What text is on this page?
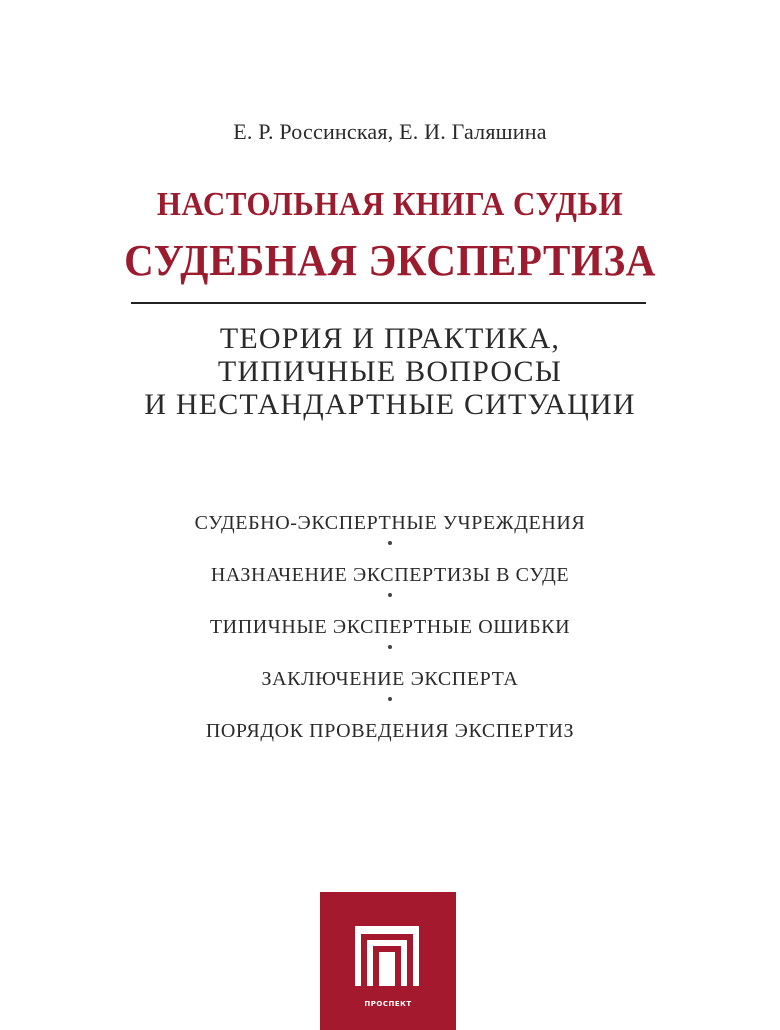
Е. Р. Россинская, Е. И. Галяшина
НАСТОЛЬНАЯ КНИГА СУДЬИ
СУДЕБНАЯ ЭКСПЕРТИЗА
ТЕОРИЯ И ПРАКТИКА,
ТИПИЧНЫЕ ВОПРОСЫ
И НЕСТАНДАРТНЫЕ СИТУАЦИИ
СУДЕБНО-ЭКСПЕРТНЫЕ УЧРЕЖДЕНИЯ
НАЗНАЧЕНИЕ ЭКСПЕРТИЗЫ В СУДЕ
ТИПИЧНЫЕ ЭКСПЕРТНЫЕ ОШИБКИ
ЗАКЛЮЧЕНИЕ ЭКСПЕРТА
ПОРЯДОК ПРОВЕДЕНИЯ ЭКСПЕРТИЗ
ПРОСПЕКТ
